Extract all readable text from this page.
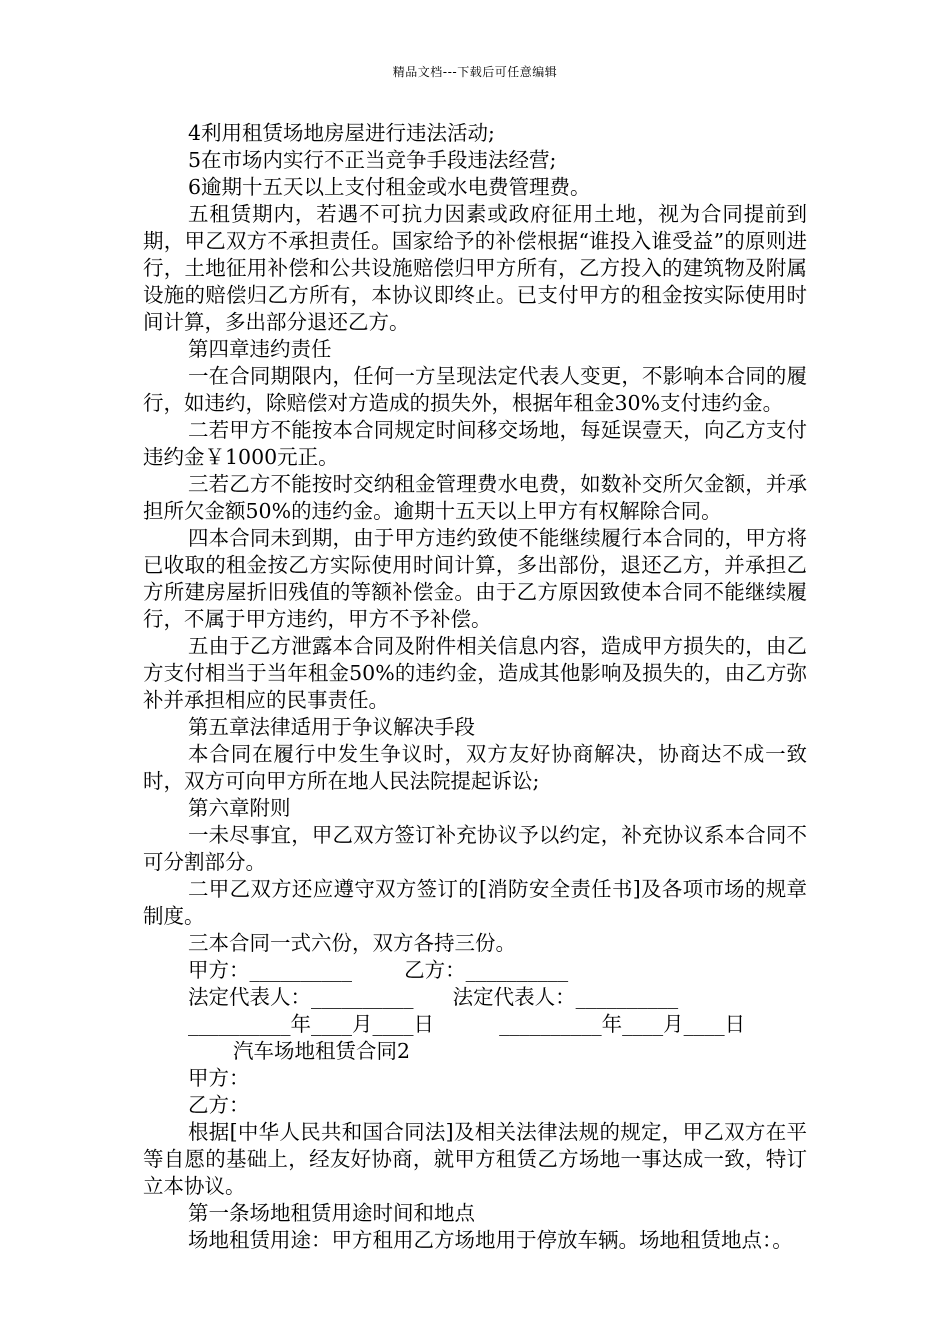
精品文档---下载后可任意编辑

4利用租赁场地房屋进行违法活动;

5在市场内实行不正当竞争手段违法经营;

6逾期十五天以上支付租金或水电费管理费。

五租赁期内，若遇不可抗力因素或政府征用土地，视为合同提前到期，甲乙双方不承担责任。国家给予的补偿根据“谁投入谁受益”的原则进行，土地征用补偿和公共设施赔偿归甲方所有，乙方投入的建筑物及附属设施的赔偿归乙方所有，本协议即终止。已支付甲方的租金按实际使用时间计算，多出部分退还乙方。

第四章违约责任

一在合同期限内，任何一方呈现法定代表人变更，不影响本合同的履行，如违约，除赔偿对方造成的损失外，根据年租金30%支付违约金。

二若甲方不能按本合同规定时间移交场地，每延误壹天，向乙方支付违约金￥1000元正。

三若乙方不能按时交纳租金管理费水电费，如数补交所欠金额，并承担所欠金额50%的违约金。逾期十五天以上甲方有权解除合同。

四本合同未到期，由于甲方违约致使不能继续履行本合同的，甲方将已收取的租金按乙方实际使用时间计算，多出部份，退还乙方，并承担乙方所建房屋折旧残值的等额补偿金。由于乙方原因致使本合同不能继续履行，不属于甲方违约，甲方不予补偿。

五由于乙方泄露本合同及附件相关信息内容，造成甲方损失的，由乙方支付相当于当年租金50%的违约金，造成其他影响及损失的，由乙方弥补并承担相应的民事责任。

第五章法律适用于争议解决手段

本合同在履行中发生争议时，双方友好协商解决，协商达不成一致时，双方可向甲方所在地人民法院提起诉讼;

第六章附则

一未尽事宜，甲乙双方签订补充协议予以约定，补充协议系本合同不可分割部分。

二甲乙双方还应遵守双方签订的[消防安全责任书]及各项市场的规章制度。

三本合同一式六份，双方各持三份。

甲方：__________        乙方：__________

法定代表人：__________      法定代表人：__________

__________年____月____日          __________年____月____日

汽车场地租赁合同2

甲方：

乙方：

根据[中华人民共和国合同法]及相关法律法规的规定，甲乙双方在平等自愿的基础上，经友好协商，就甲方租赁乙方场地一事达成一致，特订立本协议。

第一条场地租赁用途时间和地点

场地租赁用途：甲方租用乙方场地用于停放车辆。场地租赁地点：。
